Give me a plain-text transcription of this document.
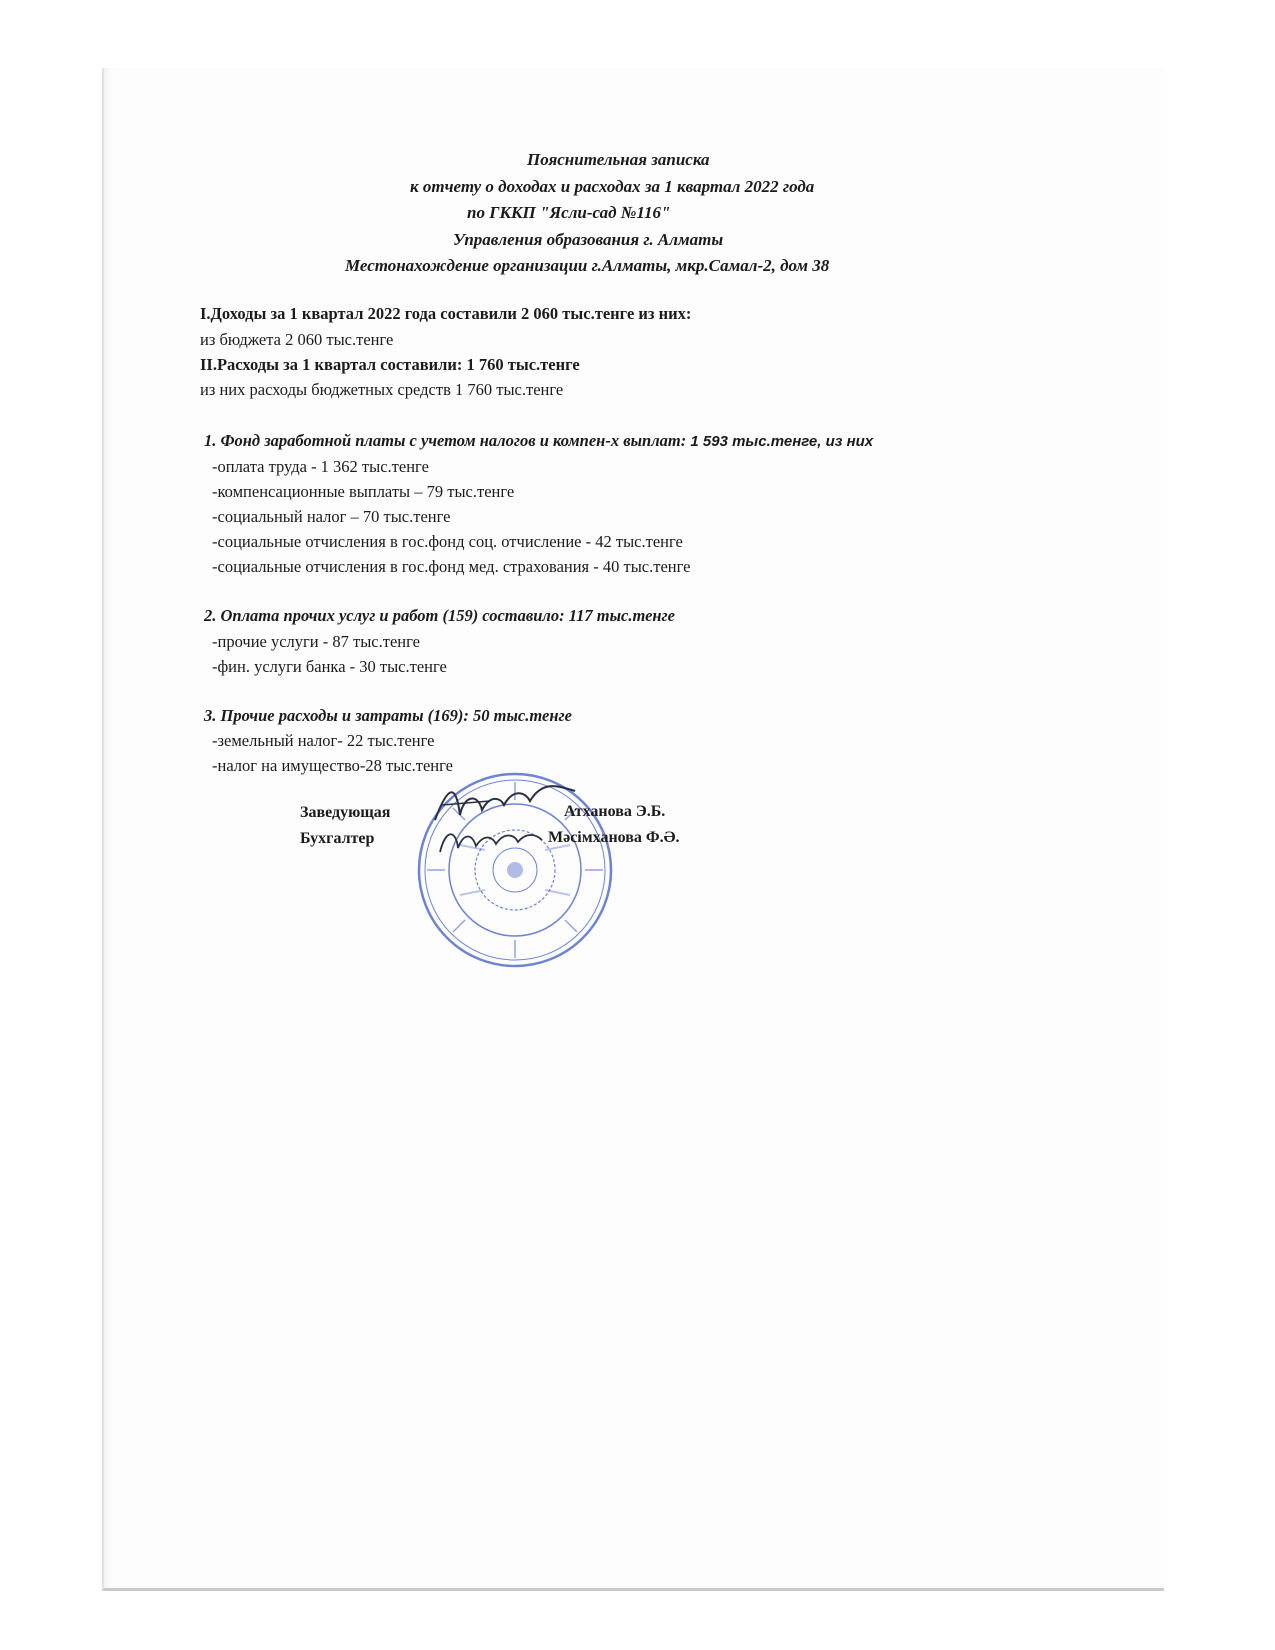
Пояснительная записка
к отчету о доходах и расходах за 1 квартал 2022 года
по ГККП "Ясли-сад №116"
Управления образования г. Алматы
Местонахождение организации г.Алматы, мкр.Самал-2, дом 38
I.Доходы за 1 квартал 2022 года составили 2 060 тыс.тенге из них:
из бюджета 2 060 тыс.тенге
II.Расходы за 1 квартал составили: 1 760 тыс.тенге
из них расходы бюджетных средств 1 760 тыс.тенге
1. Фонд заработной платы с учетом налогов и компен-х выплат: 1 593 тыс.тенге, из них
-оплата труда - 1 362 тыс.тенге
-компенсационные выплаты – 79 тыс.тенге
-социальный налог – 70 тыс.тенге
-социальные отчисления в гос.фонд соц. отчисление - 42 тыс.тенге
-социальные отчисления в гос.фонд мед. страхования - 40 тыс.тенге
2. Оплата прочих услуг и работ (159) составило: 117 тыс.тенге
-прочие услуги - 87 тыс.тенге
-фин. услуги банка - 30 тыс.тенге
3. Прочие расходы и затраты (169): 50 тыс.тенге
-земельный налог- 22 тыс.тенге
-налог на имущество-28 тыс.тенге
Заведующая	Атханова Э.Б.
Бухгалтер	Мәсімханова Ф.Ә.
